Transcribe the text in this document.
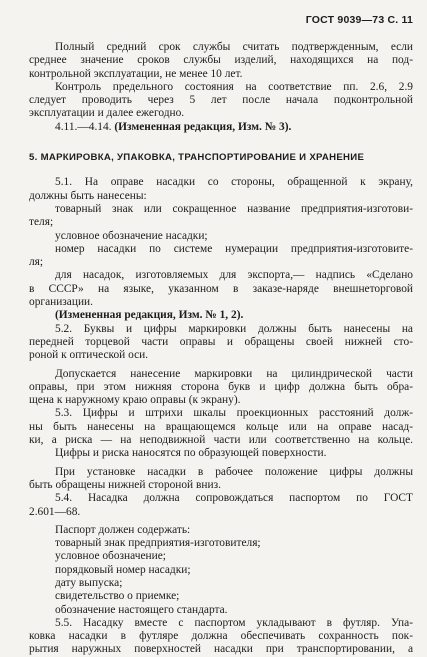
ГОСТ 9039—73 С. 11
Полный средний срок службы считать подтвержденным, если
среднее значение сроков службы изделий, находящихся на под-
контрольной эксплуатации, не менее 10 лет.
Контроль предельного состояния на соответствие пп. 2.6, 2.9
следует проводить через 5 лет после начала подконтрольной
эксплуатации и далее ежегодно.
4.11.—4.14. (Измененная редакция, Изм. № 3).
5. МАРКИРОВКА, УПАКОВКА, ТРАНСПОРТИРОВАНИЕ И ХРАНЕНИЕ
5.1. На оправе насадки со стороны, обращенной к экрану,
должны быть нанесены:
товарный знак или сокращенное название предприятия-изготови-
теля;
условное обозначение насадки;
номер насадки по системе нумерации предприятия-изготовите-
ля;
для насадок, изготовляемых для экспорта,— надпись «Сделано
в СССР» на языке, указанном в заказе-наряде внешнеторговой
организации.
(Измененная редакция, Изм. № 1, 2).
5.2. Буквы и цифры маркировки должны быть нанесены на
передней торцевой части оправы и обращены своей нижней сто-
роной к оптической оси.
Допускается нанесение маркировки на цилиндрической части
оправы, при этом нижняя сторона букв и цифр должна быть обра-
щена к наружному краю оправы (к экрану).
5.3. Цифры и штрихи шкалы проекционных расстояний долж-
ны быть нанесены на вращающемся кольце или на оправе насад-
ки, а риска — на неподвижной части или соответственно на кольце.
Цифры и риска наносятся по образующей поверхности.
При установке насадки в рабочее положение цифры должны
быть обращены нижней стороной вниз.
5.4. Насадка должна сопровождаться паспортом по ГОСТ
2.601—68.
Паспорт должен содержать:
товарный знак предприятия-изготовителя;
условное обозначение;
порядковый номер насадки;
дату выпуска;
свидетельство о приемке;
обозначение настоящего стандарта.
5.5. Насадку вместе с паспортом укладывают в футляр. Упа-
ковка насадки в футляре должна обеспечивать сохранность пок-
рытия наружных поверхностей насадки при транспортировании, а
